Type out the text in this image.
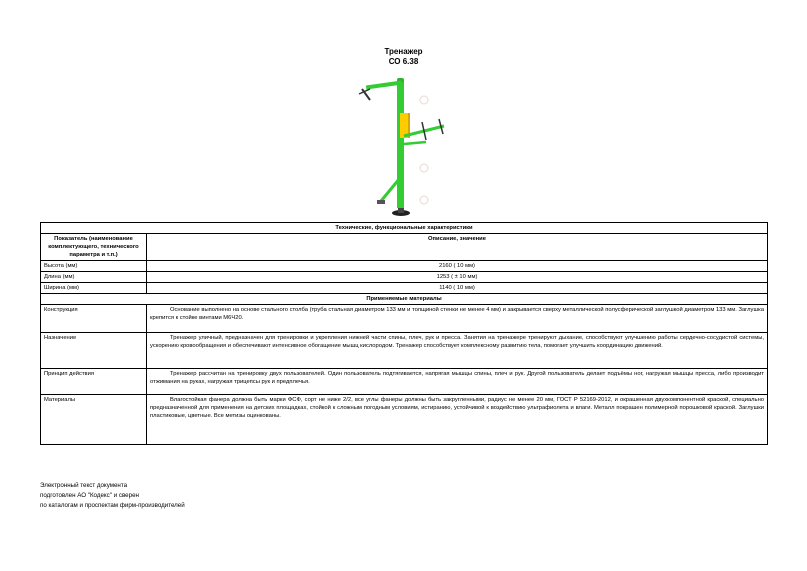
Тренажер
СО 6.38
Технические, функциональные характеристики	
Показатель (наименование комплектующего, технического параметра и т.п.)	Описание, значение
Высота (мм)	2160 ( 10 мм)
Длина (мм)	1253 ( ± 10 мм)
Ширина (мм)	1140 ( 10 мм)
Применяемые материалы	
Конструкция	Основание выполнено на основе стального столба (труба стальная диаметром 133 мм и толщиной стенки не менее 4 мм) и закрывается сверху металлической полусферической заглушкой диаметром 133 мм. Заглушка крепится к стойке винтами М6Ч20.
Назначение	Тренажер уличный, предназначен для тренировки и укрепления нижней части спины, плеч, рук и пресса. Занятия на тренажере тренируют дыхание, способствуют улучшению работы сердечно-сосудистой системы, ускорению кровообращения и обеспечивают интенсивное обогащение мышц кислородом. Тренажер способствует комплексному развитию тела, помогает улучшить координацию движений.
Принцип действия	Тренажер рассчитан на тренировку двух пользователей. Один пользователь подтягивается, напрягая мышцы спины, плеч и рук. Другой пользователь делает подъёмы ног, нагружая мышцы пресса, либо производит отжимания на руках, нагружая трицепсы рук и предплечья.
Материалы	Влагостойкая фанера должна быть марки ФСФ, сорт не ниже 2/2, все углы фанеры должны быть закругленными, радиус не менее 20 мм, ГОСТ Р 52169-2012, и окрашенная двухкомпонентной краской, специально предназначенной для применения на детских площадках, стойкой к сложным погодным условиям, истиранию, устойчивой к воздействию ультрафиолета и влаги. Металл покрашен полимерной порошковой краской. Заглушки пластиковые, цветные. Все метизы оцинкованы.
Электронный текст документа
подготовлен АО "Кодекс" и сверен
по каталогам и проспектам фирм-производителей
